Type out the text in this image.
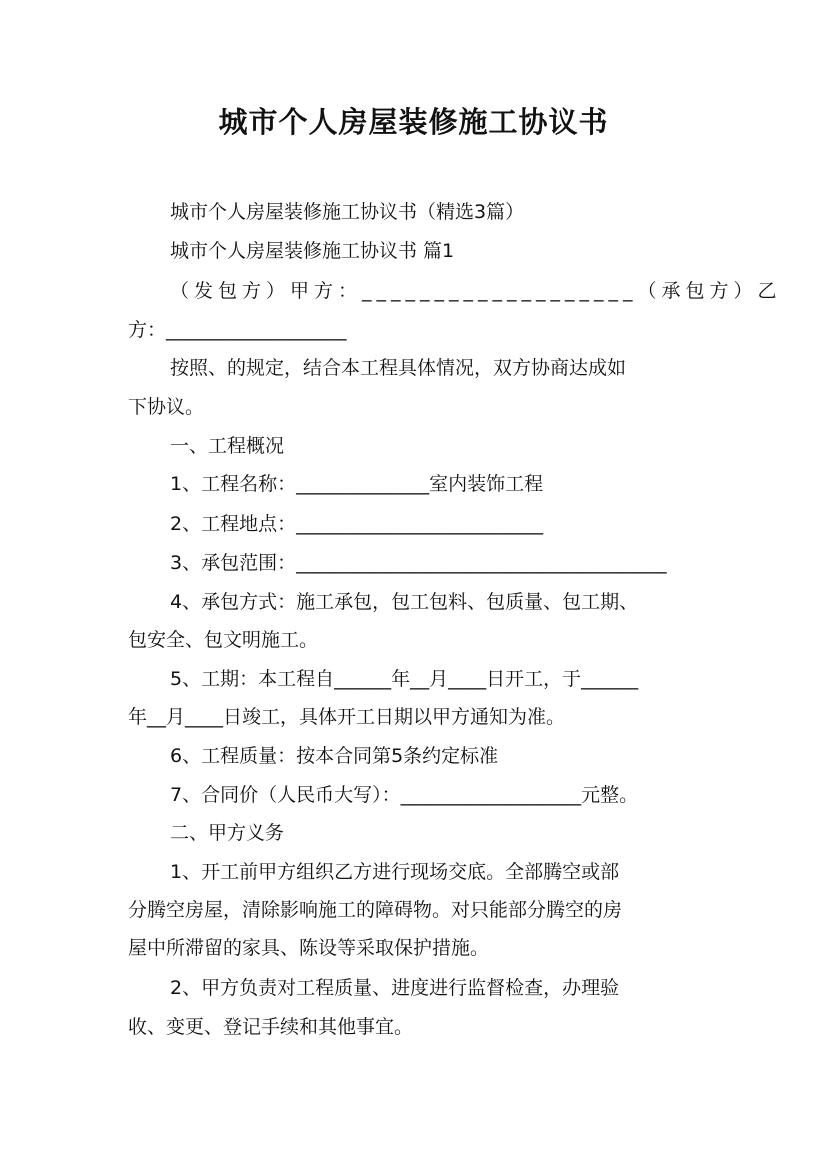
城市个人房屋装修施工协议书
城市个人房屋装修施工协议书（精选3篇）
城市个人房屋装修施工协议书 篇1
（发包方）甲方：___________________（承包方）乙
方：___________________
按照、的规定，结合本工程具体情况，双方协商达成如
下协议。
一、工程概况
1、工程名称：______________室内装饰工程
2、工程地点：__________________________
3、承包范围：_______________________________________
4、承包方式：施工承包，包工包料、包质量、包工期、
包安全、包文明施工。
5、工期：本工程自______年__月____日开工，于______
年__月____日竣工，具体开工日期以甲方通知为准。
6、工程质量：按本合同第5条约定标准
7、合同价（人民币大写）：___________________元整。
二、甲方义务
1、开工前甲方组织乙方进行现场交底。全部腾空或部
分腾空房屋，清除影响施工的障碍物。对只能部分腾空的房
屋中所滞留的家具、陈设等采取保护措施。
2、甲方负责对工程质量、进度进行监督检查，办理验
收、变更、登记手续和其他事宜。
